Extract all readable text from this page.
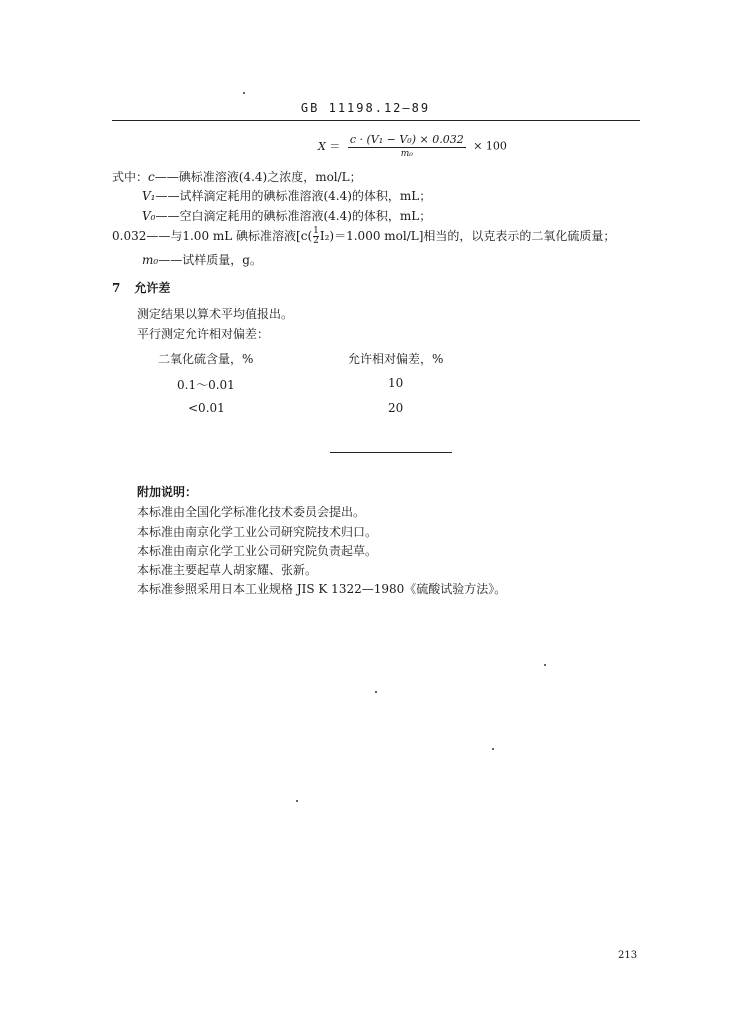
GB 11198.12—89
$X = \frac{\text{c · (V₁ − V₀) × 0.032}}{\text{m₀}} \times 100$
式中：c——碘标准溶液(4.4)之浓度，mol/L；
V₁——试样滴定耗用的碘标准溶液(4.4)的体积，mL；
V₀——空白滴定耗用的碘标准溶液(4.4)的体积，mL；
0.032——与1.00 mL 碘标准溶液[$c( \frac{1}{2} I_2)=1.000$ mol/L]相当的，以克表示的二氧化硫质量；
m₀——试样质量，g。
7 允许差
测定结果以算术平均值报出。
平行测定允许相对偏差：
二氧化硫含量，%	允许相对偏差，%
0.1～0.01	10
<0.01	20
附加说明：
本标准由全国化学标准化技术委员会提出。
本标准由南京化学工业公司研究院技术归口。
本标准由南京化学工业公司研究院负责起草。
本标准主要起草人胡家耀、张新。
本标准参照采用日本工业规格 JIS K 1322—1980《硫酸试验方法》。
213
